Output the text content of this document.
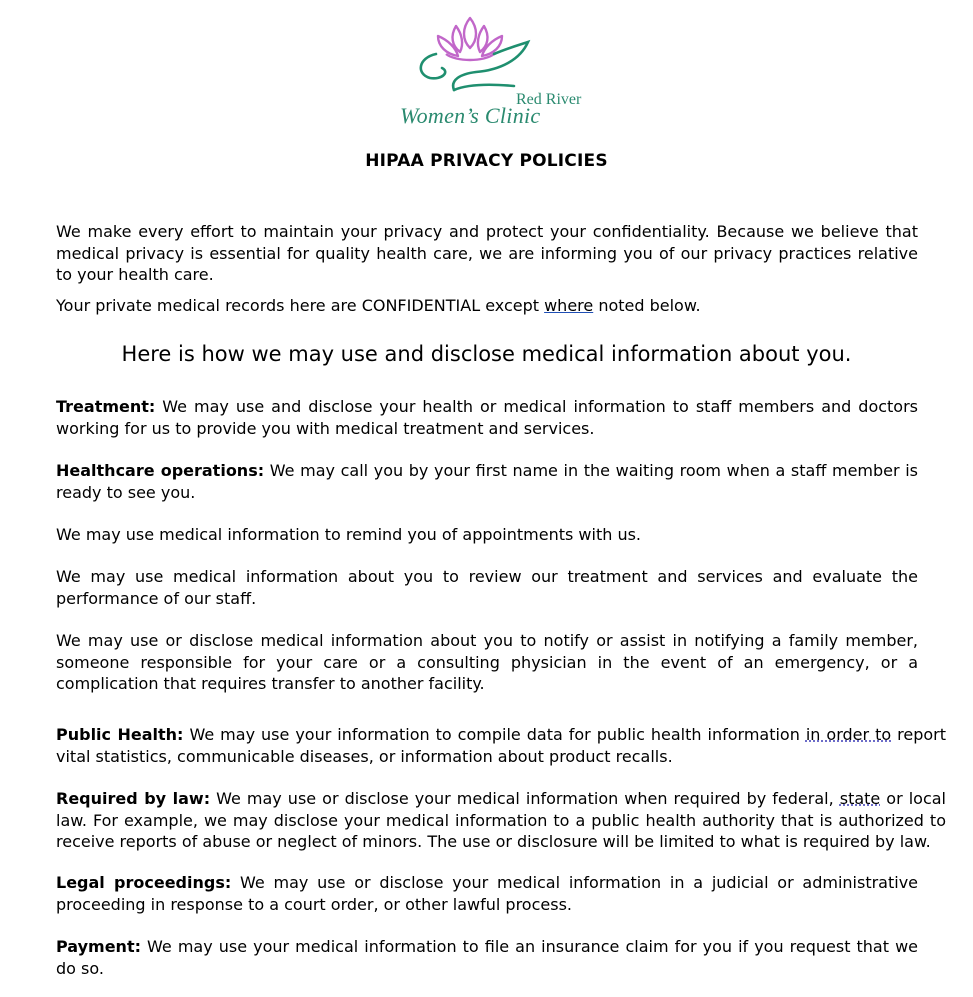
Red River
Women’s Clinic
HIPAA PRIVACY POLICIES
We make every effort to maintain your privacy and protect your confidentiality. Because we believe that medical privacy is essential for quality health care, we are informing you of our privacy practices relative to your health care.
Your private medical records here are CONFIDENTIAL except where noted below.
Here is how we may use and disclose medical information about you.
Treatment: We may use and disclose your health or medical information to staff members and doctors working for us to provide you with medical treatment and services.
Healthcare operations: We may call you by your first name in the waiting room when a staff member is ready to see you.
We may use medical information to remind you of appointments with us.
We may use medical information about you to review our treatment and services and evaluate the performance of our staff.
We may use or disclose medical information about you to notify or assist in notifying a family member, someone responsible for your care or a consulting physician in the event of an emergency, or a complication that requires transfer to another facility.
Public Health: We may use your information to compile data for public health information in order to report vital statistics, communicable diseases, or information about product recalls.
Required by law: We may use or disclose your medical information when required by federal, state or local law. For example, we may disclose your medical information to a public health authority that is authorized to receive reports of abuse or neglect of minors. The use or disclosure will be limited to what is required by law.
Legal proceedings: We may use or disclose your medical information in a judicial or administrative proceeding in response to a court order, or other lawful process.
Payment: We may use your medical information to file an insurance claim for you if you request that we do so.
